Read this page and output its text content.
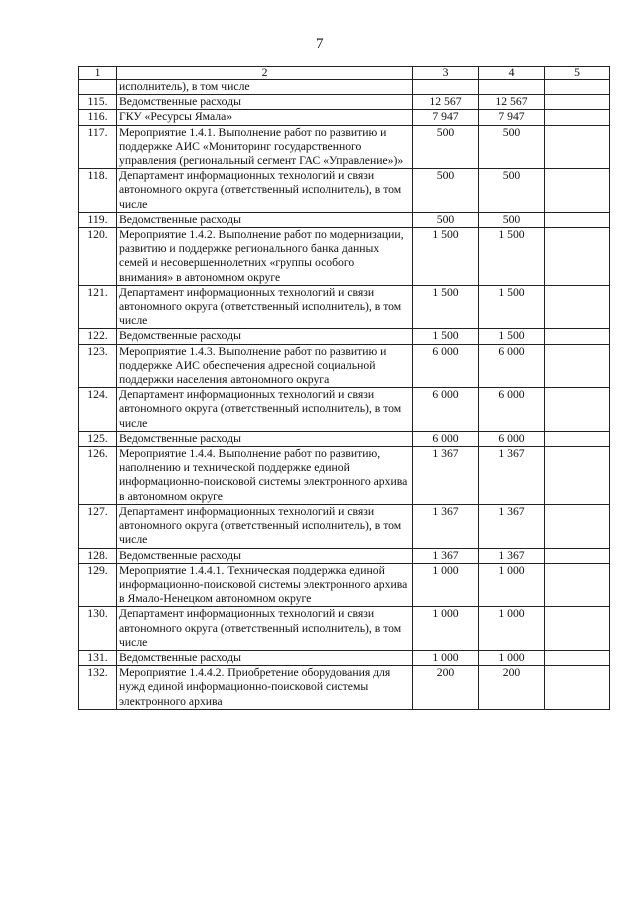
7
1	2	3	4	5
	исполнитель), в том числе			
115.	Ведомственные расходы	12 567	12 567	
116.	ГКУ «Ресурсы Ямала»	7 947	7 947	
117.	Мероприятие 1.4.1. Выполнение работ по развитию и поддержке АИС «Мониторинг государственного управления (региональный сегмент ГАС «Управление»)»	500	500	
118.	Департамент информационных технологий и связи автономного округа (ответственный исполнитель), в том числе	500	500	
119.	Ведомственные расходы	500	500	
120.	Мероприятие 1.4.2. Выполнение работ по модернизации, развитию и поддержке регионального банка данных семей и несовершеннолетних «группы особого внимания» в автономном округе	1 500	1 500	
121.	Департамент информационных технологий и связи автономного округа (ответственный исполнитель), в том числе	1 500	1 500	
122.	Ведомственные расходы	1 500	1 500	
123.	Мероприятие 1.4.3. Выполнение работ по развитию и поддержке АИС обеспечения адресной социальной поддержки населения автономного округа	6 000	6 000	
124.	Департамент информационных технологий и связи автономного округа (ответственный исполнитель), в том числе	6 000	6 000	
125.	Ведомственные расходы	6 000	6 000	
126.	Мероприятие 1.4.4. Выполнение работ по развитию, наполнению и технической поддержке единой информационно-поисковой системы электронного архива в автономном округе	1 367	1 367	
127.	Департамент информационных технологий и связи автономного округа (ответственный исполнитель), в том числе	1 367	1 367	
128.	Ведомственные расходы	1 367	1 367	
129.	Мероприятие 1.4.4.1. Техническая поддержка единой информационно-поисковой системы электронного архива в Ямало-Ненецком автономном округе	1 000	1 000	
130.	Департамент информационных технологий и связи автономного округа (ответственный исполнитель), в том числе	1 000	1 000	
131.	Ведомственные расходы	1 000	1 000	
132.	Мероприятие 1.4.4.2. Приобретение оборудования для нужд единой информационно-поисковой системы электронного архива	200	200	
